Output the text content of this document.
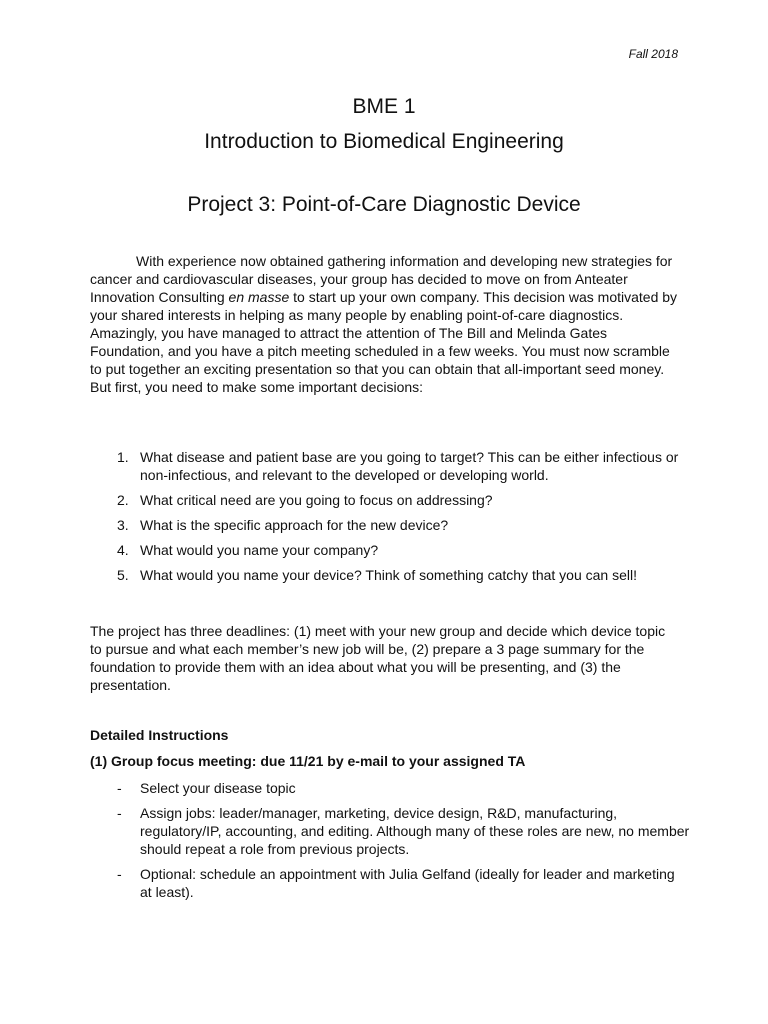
Fall 2018
BME 1
Introduction to Biomedical Engineering
Project 3: Point-of-Care Diagnostic Device

With experience now obtained gathering information and developing new strategies for cancer and cardiovascular diseases, your group has decided to move on from Anteater Innovation Consulting en masse to start up your own company. This decision was motivated by your shared interests in helping as many people by enabling point-of-care diagnostics. Amazingly, you have managed to attract the attention of The Bill and Melinda Gates Foundation, and you have a pitch meeting scheduled in a few weeks. You must now scramble to put together an exciting presentation so that you can obtain that all-important seed money. But first, you need to make some important decisions:

1. What disease and patient base are you going to target? This can be either infectious or non-infectious, and relevant to the developed or developing world.
2. What critical need are you going to focus on addressing?
3. What is the specific approach for the new device?
4. What would you name your company?
5. What would you name your device? Think of something catchy that you can sell!

The project has three deadlines: (1) meet with your new group and decide which device topic to pursue and what each member’s new job will be, (2) prepare a 3 page summary for the foundation to provide them with an idea about what you will be presenting, and (3) the presentation.

Detailed Instructions
(1) Group focus meeting: due 11/21 by e-mail to your assigned TA
- Select your disease topic
- Assign jobs: leader/manager, marketing, device design, R&D, manufacturing, regulatory/IP, accounting, and editing. Although many of these roles are new, no member should repeat a role from previous projects.
- Optional: schedule an appointment with Julia Gelfand (ideally for leader and marketing at least).
